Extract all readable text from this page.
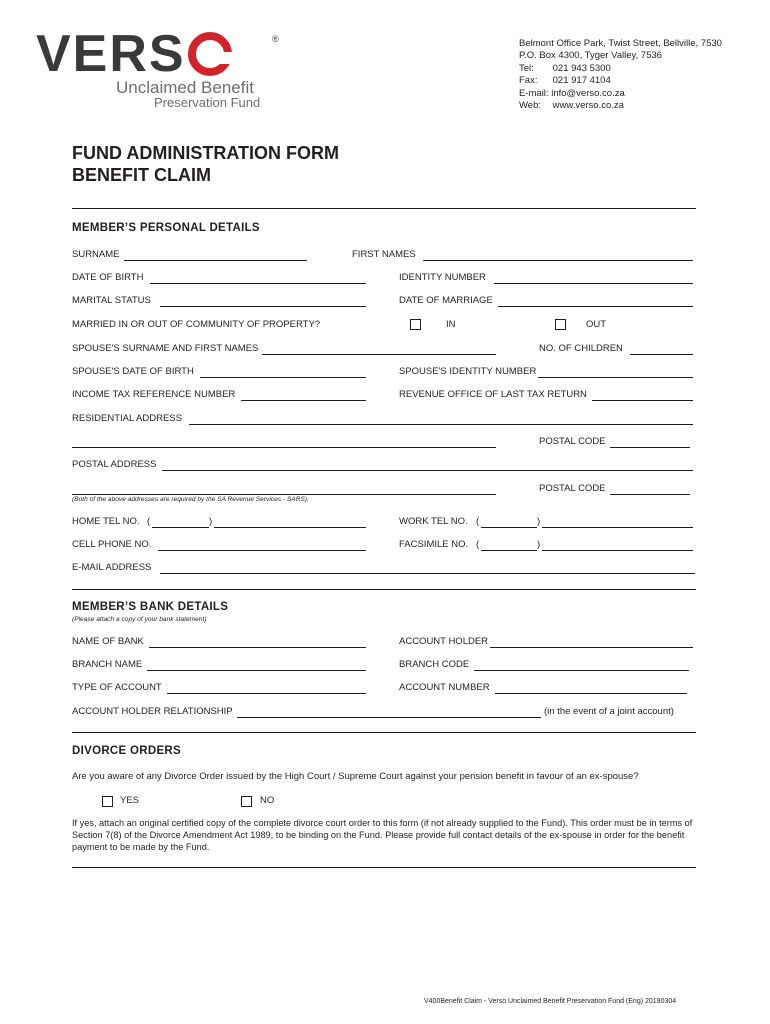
VERS	®
Unclaimed Benefit
Preservation Fund
Belmont Office Park, Twist Street, Bellville, 7530
P.O. Box 4300, Tyger Valley, 7536
Tel: 021 943 5300
Fax: 021 917 4104
E-mail: info@verso.co.za
Web: www.verso.co.za
FUND ADMINISTRATION FORM
BENEFIT CLAIM
MEMBER’S PERSONAL DETAILS
SURNAME	FIRST NAMES
DATE OF BIRTH	IDENTITY NUMBER
MARITAL STATUS	DATE OF MARRIAGE
MARRIED IN OR OUT OF COMMUNITY OF PROPERTY?	IN	OUT
SPOUSE'S SURNAME AND FIRST NAMES	NO. OF CHILDREN
SPOUSE'S DATE OF BIRTH	SPOUSE'S IDENTITY NUMBER
INCOME TAX REFERENCE NUMBER	REVENUE OFFICE OF LAST TAX RETURN
RESIDENTIAL ADDRESS
POSTAL CODE
POSTAL ADDRESS
POSTAL CODE
(Both of the above addresses are required by the SA Revenue Services - SARS).
HOME TEL NO. (	)	WORK TEL NO. (	)
CELL PHONE NO.	FACSIMILE NO. (	)
E-MAIL ADDRESS
MEMBER’S BANK DETAILS
(Please attach a copy of your bank statement)
NAME OF BANK	ACCOUNT HOLDER
BRANCH NAME	BRANCH CODE
TYPE OF ACCOUNT	ACCOUNT NUMBER
ACCOUNT HOLDER RELATIONSHIP	(in the event of a joint account)
DIVORCE ORDERS
Are you aware of any Divorce Order issued by the High Court / Supreme Court against your pension benefit in favour of an ex-spouse?
YES	NO
If yes, attach an original certified copy of the complete divorce court order to this form (if not already supplied to the Fund). This order must be in terms of Section 7(8) of the Divorce Amendment Act 1989, to be binding on the Fund. Please provide full contact details of the ex-spouse in order for the benefit payment to be made by the Fund.
V400Benefit Claim - Verso Unclaimed Benefit Preservation Fund (Eng) 20190304
